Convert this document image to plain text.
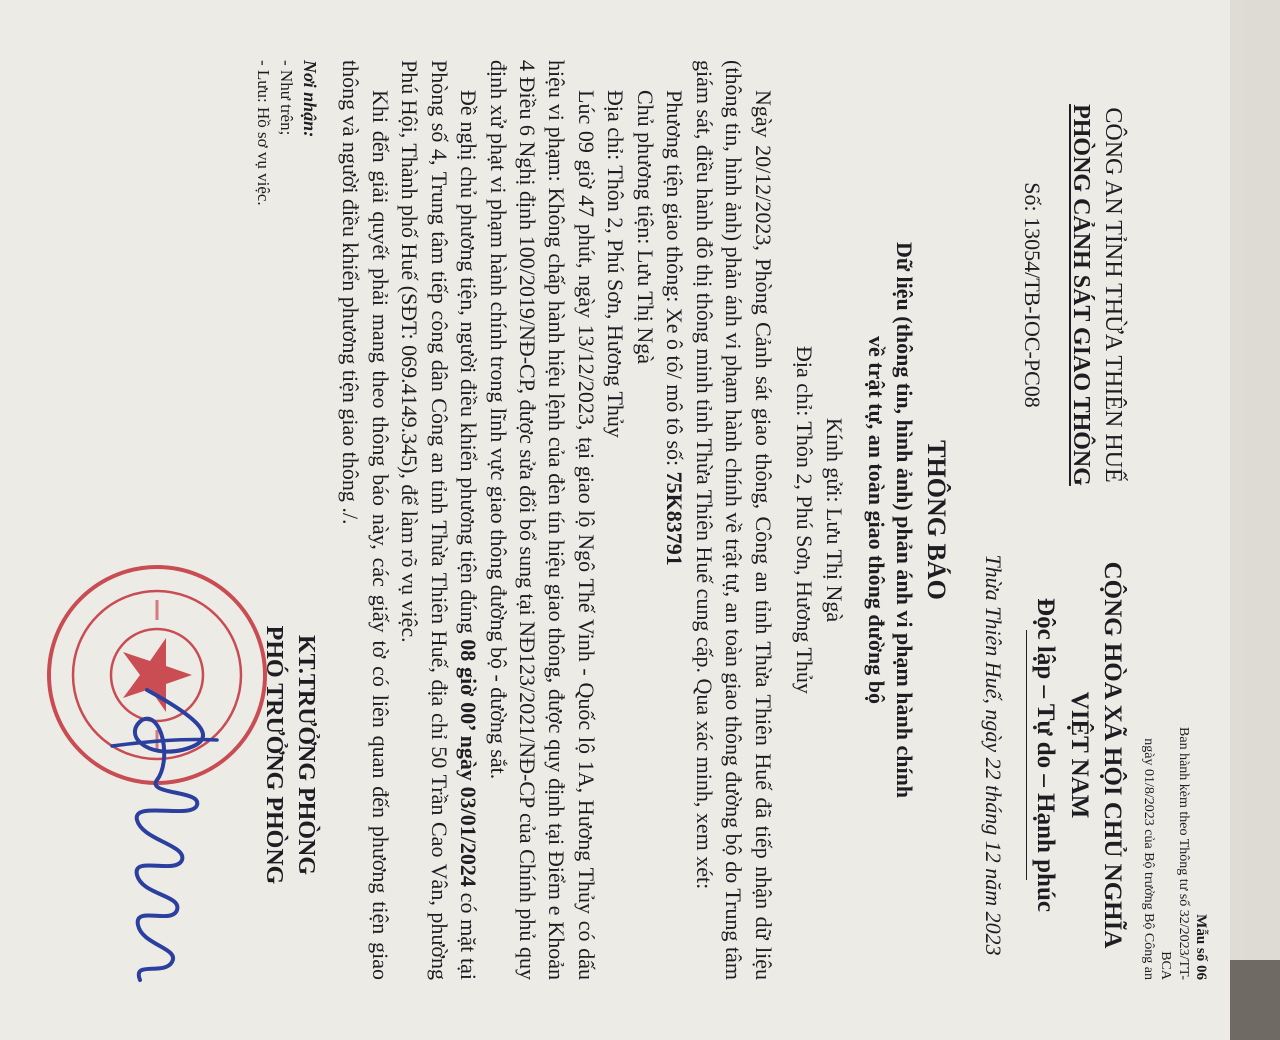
Mẫu số 06
Ban hành kèm theo Thông tư số 32/2023/TT-BCA
ngày 01/8/2023 của Bộ trưởng Bộ Công an
CÔNG AN TỈNH THỪA THIÊN HUẾ
PHÒNG CẢNH SÁT GIAO THÔNG
Số: 13054/TB-IOC-PC08
CỘNG HÒA XÃ HỘI CHỦ NGHĨA VIỆT NAM
Độc lập – Tự do – Hạnh phúc
Thừa Thiên Huế, ngày 22 tháng 12 năm 2023
THÔNG BÁO
Dữ liệu (thông tin, hình ảnh) phản ánh vi phạm hành chính
về trật tự, an toàn giao thông đường bộ
Kính gửi: Lưu Thị Ngà
Địa chỉ: Thôn 2, Phú Sơn, Hương Thủy

Ngày 20/12/2023, Phòng Cảnh sát giao thông, Công an tỉnh Thừa Thiên Huế đã tiếp nhận dữ liệu (thông tin, hình ảnh) phản ánh vi phạm hành chính về trật tự, an toàn giao thông đường bộ do Trung tâm giám sát, điều hành đô thị thông minh tỉnh Thừa Thiên Huế cung cấp. Qua xác minh, xem xét:

Phương tiện giao thông: Xe ô tô/ mô tô số: 75K83791

Chủ phương tiện: Lưu Thị Ngà

Địa chỉ: Thôn 2, Phú Sơn, Hương Thủy

Lúc 09 giờ 47 phút, ngày 13/12/2023, tại giao lộ Ngô Thế Vinh - Quốc lộ 1A, Hương Thủy có dấu hiệu vi phạm: Không chấp hành hiệu lệnh của đèn tín hiệu giao thông, được quy định tại Điểm e Khoản 4 Điều 6 Nghị định 100/2019/NĐ-CP, được sửa đổi bổ sung tại NĐ123/2021/NĐ-CP của Chính phủ quy định xử phạt vi phạm hành chính trong lĩnh vực giao thông đường bộ - đường sắt.

Đề nghị chủ phương tiện, người điều khiển phương tiện đúng 08 giờ 00’ ngày 03/01/2024 có mặt tại Phòng số 4, Trung tâm tiếp công dân Công an tỉnh Thừa Thiên Huế, địa chỉ 50 Trần Cao Vân, phường Phú Hội, Thành phố Huế (SĐT: 069.4149.345), để làm rõ vụ việc.

Khi đến giải quyết phải mang theo thông báo này, các giấy tờ có liên quan đến phương tiện giao thông và người điều khiển phương tiện giao thông ./.

Nơi nhận:
- Như trên;
- Lưu: Hồ sơ vụ việc.
KT.TRƯỞNG PHÒNG
PHÓ TRƯỞNG PHÒNG
